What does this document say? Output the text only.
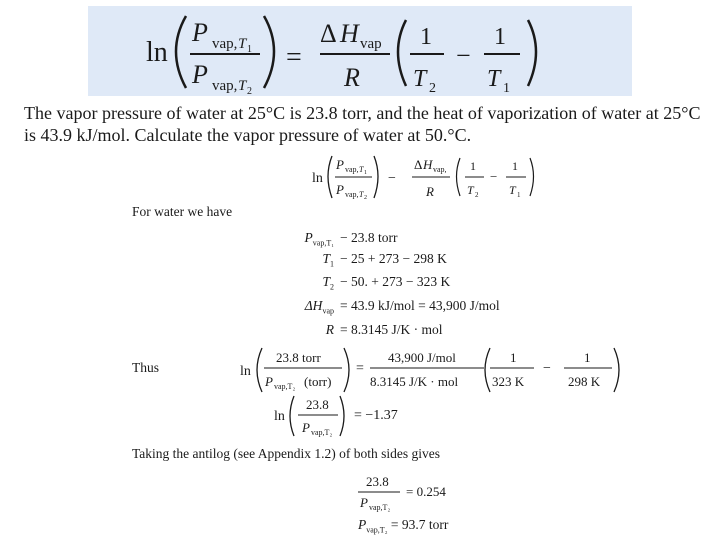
ln
P vap, T 1
P vap, T 2
=
Δ H vap
R
1
T 2
−
1
T 1
The vapor pressure of water at 25°C is 23.8 torr, and the heat of vaporization of water at 25°C is 43.9 kJ/mol. Calculate the vapor pressure of water at 50.°C.
ln
P vap, T 1
P vap, T 2
−
Δ H vap,
R
1
T 2
−
1
T 1
For water we have
$P_{vap,T_1} - 23.8$ torr
$T_1 - 25 + 273 - 298$ K
$T_2 - 50$. + 273 − 323 K
$\Delta H_{vap} = 43.9$ kJ/mol = 43,900 J/mol
R = 8.3145 J/K · mol
Thus	ln
23.8 torr
P vap,T₂ (torr)
=
43,900 J/mol
8.3145 J/K · mol
1
323 K
−
1
298 K
ln
23.8
P vap,T₂
= −1.37
Taking the antilog (see Appendix 1.2) of both sides gives
23.8
P vap,T₂
= 0.254
$P_{vap,T_2} = 93.7$ torr
